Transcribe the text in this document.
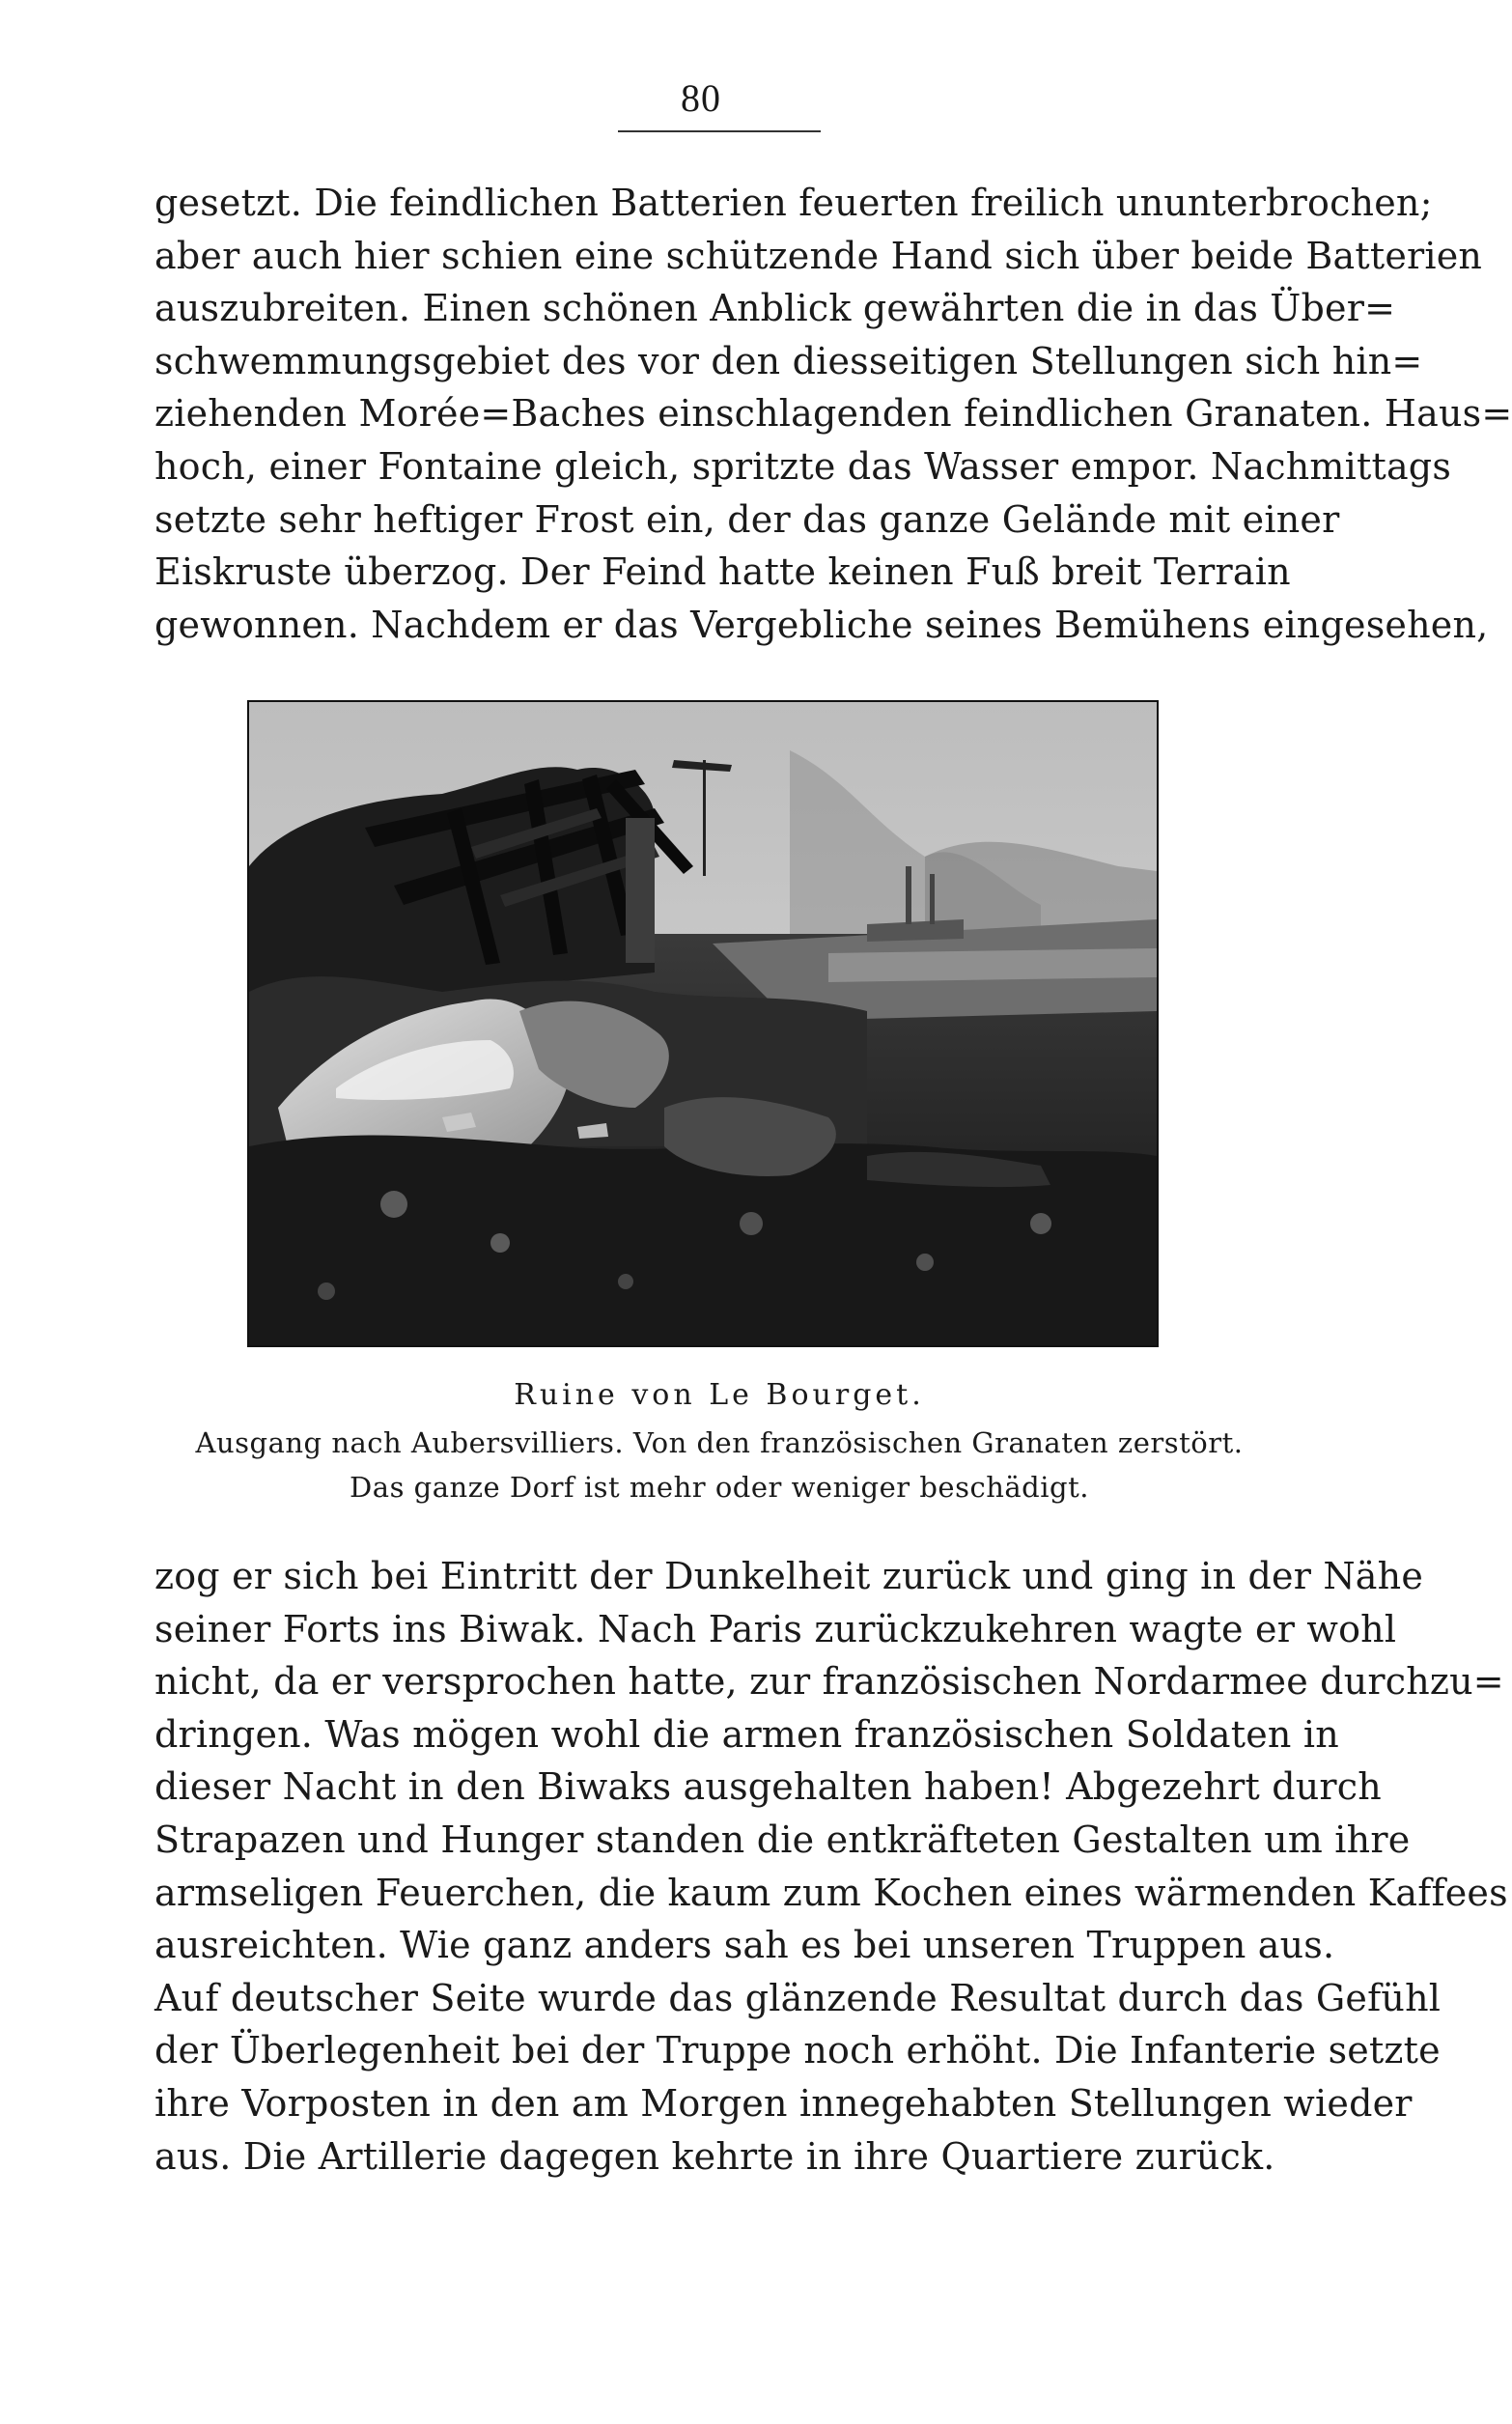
80
gesetzt. Die feindlichen Batterien feuerten freilich ununterbrochen;
aber auch hier schien eine schützende Hand sich über beide Batterien
auszubreiten. Einen schönen Anblick gewährten die in das Über=
schwemmungsgebiet des vor den diesseitigen Stellungen sich hin=
ziehenden Morée=Baches einschlagenden feindlichen Granaten. Haus=
hoch, einer Fontaine gleich, spritzte das Wasser empor. Nachmittags
setzte sehr heftiger Frost ein, der das ganze Gelände mit einer
Eiskruste überzog. Der Feind hatte keinen Fuß breit Terrain
gewonnen. Nachdem er das Vergebliche seines Bemühens eingesehen,
Ruine von Le Bourget.
Ausgang nach Aubersvilliers. Von den französischen Granaten zerstört.
Das ganze Dorf ist mehr oder weniger beschädigt.
zog er sich bei Eintritt der Dunkelheit zurück und ging in der Nähe
seiner Forts ins Biwak. Nach Paris zurückzukehren wagte er wohl
nicht, da er versprochen hatte, zur französischen Nordarmee durchzu=
dringen. Was mögen wohl die armen französischen Soldaten in
dieser Nacht in den Biwaks ausgehalten haben! Abgezehrt durch
Strapazen und Hunger standen die entkräfteten Gestalten um ihre
armseligen Feuerchen, die kaum zum Kochen eines wärmenden Kaffees
ausreichten. Wie ganz anders sah es bei unseren Truppen aus.
Auf deutscher Seite wurde das glänzende Resultat durch das Gefühl
der Überlegenheit bei der Truppe noch erhöht. Die Infanterie setzte
ihre Vorposten in den am Morgen innegehabten Stellungen wieder
aus. Die Artillerie dagegen kehrte in ihre Quartiere zurück.
